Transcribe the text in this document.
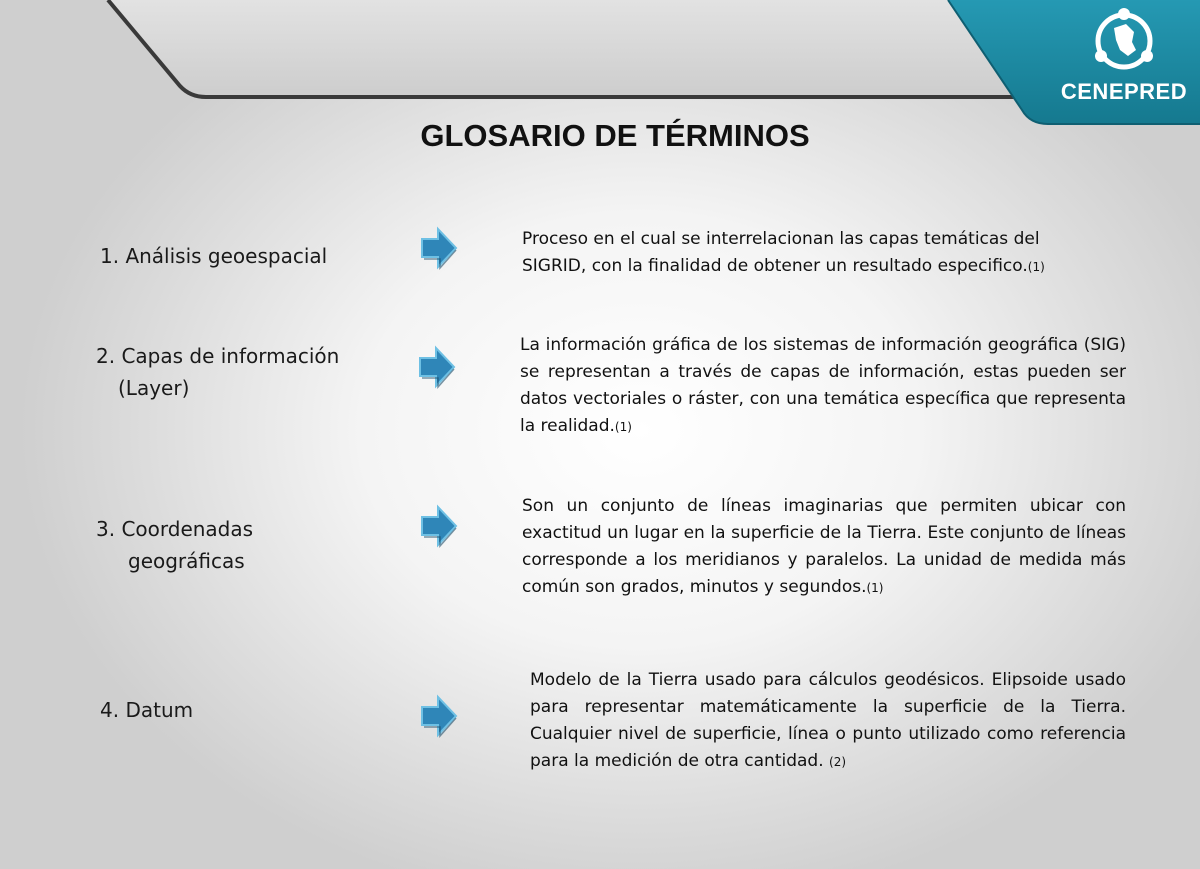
CENEPRED
GLOSARIO DE TÉRMINOS
1. Análisis geoespacial
Proceso en el cual se interrelacionan las capas temáticas del SIGRID, con la finalidad de obtener un resultado especifico.(1)
2. Capas de información
(Layer)
La información gráfica de los sistemas de información geográfica (SIG) se representan a través de capas de información, estas pueden ser datos vectoriales o ráster, con una temática específica que representa la realidad.(1)
3. Coordenadas
geográficas
Son un conjunto de líneas imaginarias que permiten ubicar con exactitud un lugar en la superficie de la Tierra. Este conjunto de líneas corresponde a los meridianos y paralelos. La unidad de medida más común son grados, minutos y segundos.(1)
4. Datum
Modelo de la Tierra usado para cálculos geodésicos. Elipsoide usado para representar matemáticamente la superficie de la Tierra. Cualquier nivel de superficie, línea o punto utilizado como referencia para la medición de otra cantidad. (2)
